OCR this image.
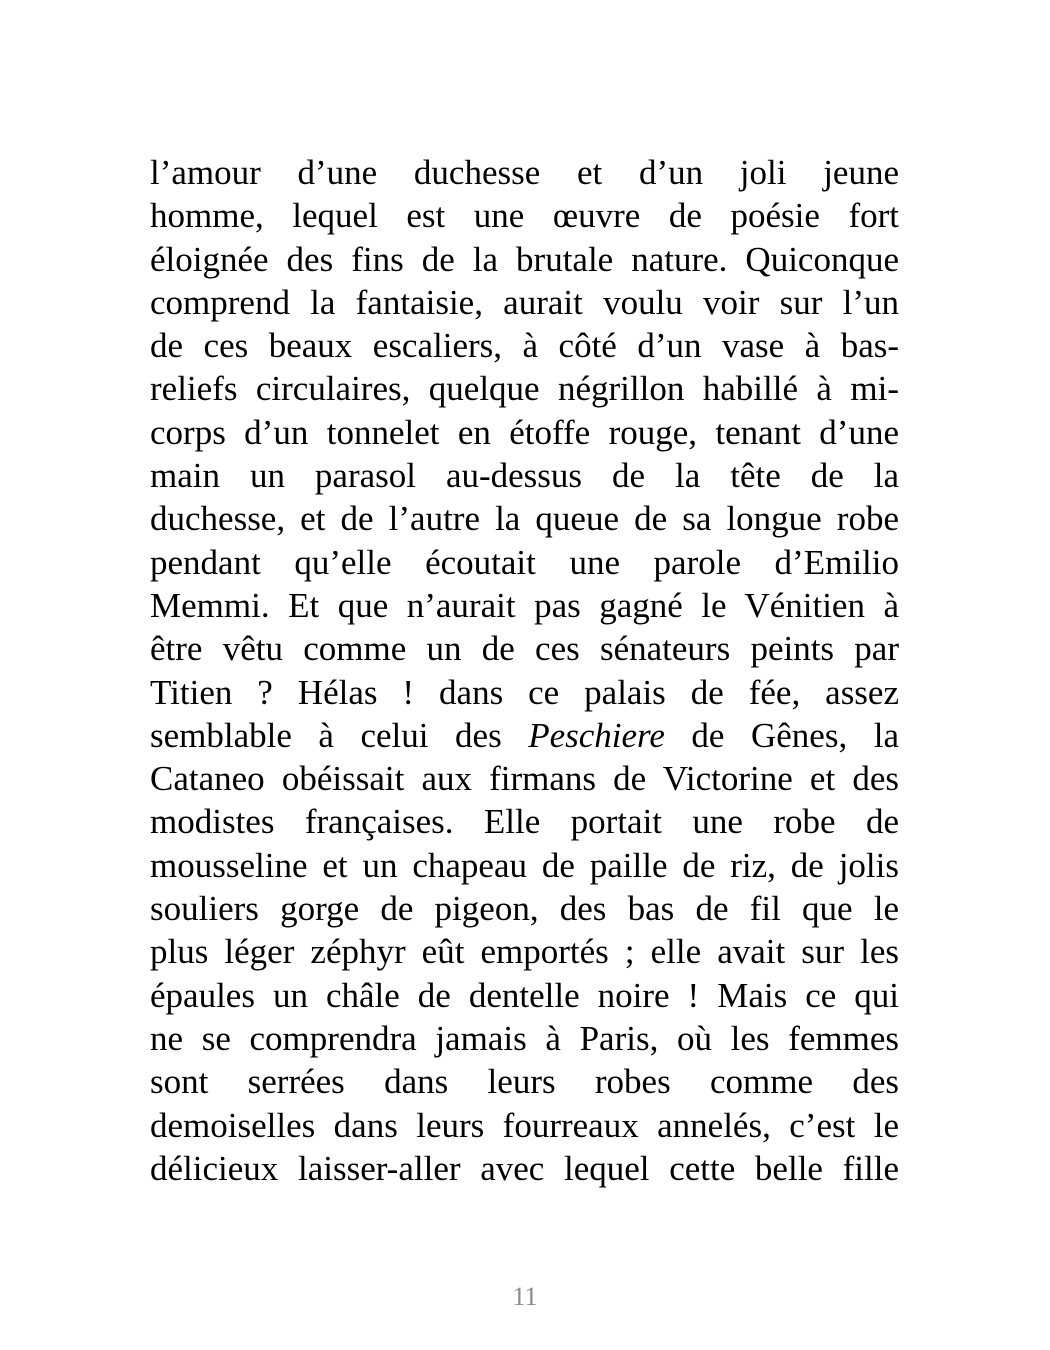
l’amour d’une duchesse et d’un joli jeune
homme, lequel est une œuvre de poésie fort
éloignée des fins de la brutale nature. Quiconque
comprend la fantaisie, aurait voulu voir sur l’un
de ces beaux escaliers, à côté d’un vase à bas-
reliefs circulaires, quelque négrillon habillé à mi-
corps d’un tonnelet en étoffe rouge, tenant d’une
main un parasol au-dessus de la tête de la
duchesse, et de l’autre la queue de sa longue robe
pendant qu’elle écoutait une parole d’Emilio
Memmi. Et que n’aurait pas gagné le Vénitien à
être vêtu comme un de ces sénateurs peints par
Titien ? Hélas ! dans ce palais de fée, assez
semblable à celui des Peschiere de Gênes, la
Cataneo obéissait aux firmans de Victorine et des
modistes françaises. Elle portait une robe de
mousseline et un chapeau de paille de riz, de jolis
souliers gorge de pigeon, des bas de fil que le
plus léger zéphyr eût emportés ; elle avait sur les
épaules un châle de dentelle noire ! Mais ce qui
ne se comprendra jamais à Paris, où les femmes
sont serrées dans leurs robes comme des
demoiselles dans leurs fourreaux annelés, c’est le
délicieux laisser-aller avec lequel cette belle fille
11
